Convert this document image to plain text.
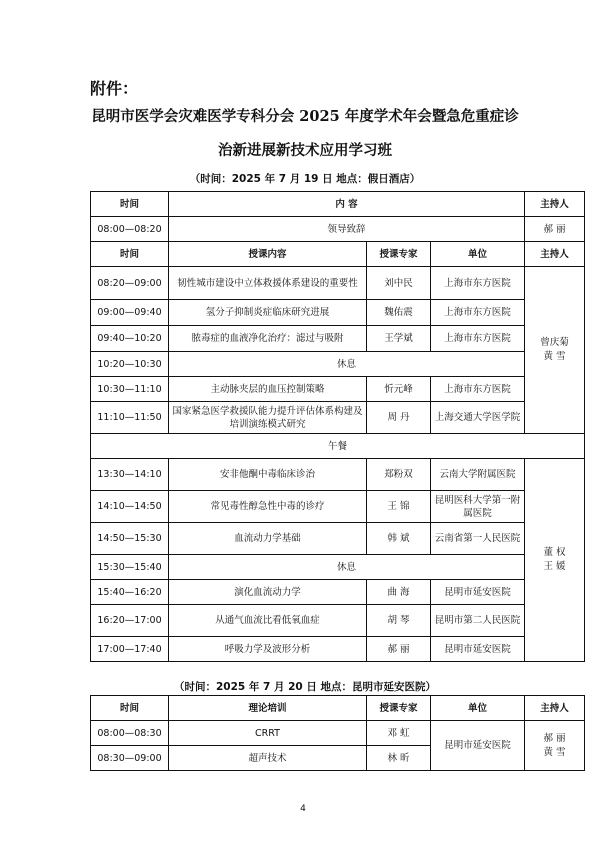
附件：
昆明市医学会灾难医学专科分会 2025 年度学术年会暨急危重症诊
治新进展新技术应用学习班
（时间：2025 年 7 月 19 日 地点：假日酒店）
时间	内 容			主持人
08:00—08:20	领导致辞			郝 丽
时间	授课内容	授课专家	单位	主持人
08:20—09:00	韧性城市建设中立体救援体系建设的重要性	刘中民	上海市东方医院	曾庆菊
黄 雪
09:00—09:40	氢分子抑制炎症临床研究进展	魏佑震	上海市东方医院	
09:40—10:20	脓毒症的血液净化治疗：滤过与吸附	王学斌	上海市东方医院	
10:20—10:30	休息			
10:30—11:10	主动脉夹层的血压控制策略	忻元峰	上海市东方医院	
11:10—11:50	国家紧急医学救援队能力提升评估体系构建及培训演练模式研究	周 丹	上海交通大学医学院	
午餐				
13:30—14:10	安非他酮中毒临床诊治	郑粉双	云南大学附属医院	董 权
王 媛
14:10—14:50	常见毒性醇急性中毒的诊疗	王 锦	昆明医科大学第一附属医院	
14:50—15:30	血流动力学基础	韩 斌	云南省第一人民医院	
15:30—15:40	休息			
15:40—16:20	演化血流动力学	曲 海	昆明市延安医院	
16:20—17:00	从通气血流比看低氧血症	胡 琴	昆明市第二人民医院	
17:00—17:40	呼吸力学及波形分析	郝 丽	昆明市延安医院	
（时间：2025 年 7 月 20 日 地点：昆明市延安医院）
时间	理论培训	授课专家	单位	主持人
08:00—08:30	CRRT	邓 虹	昆明市延安医院	郝 丽
黄 雪
08:30—09:00	超声技术	林 昕		
4
